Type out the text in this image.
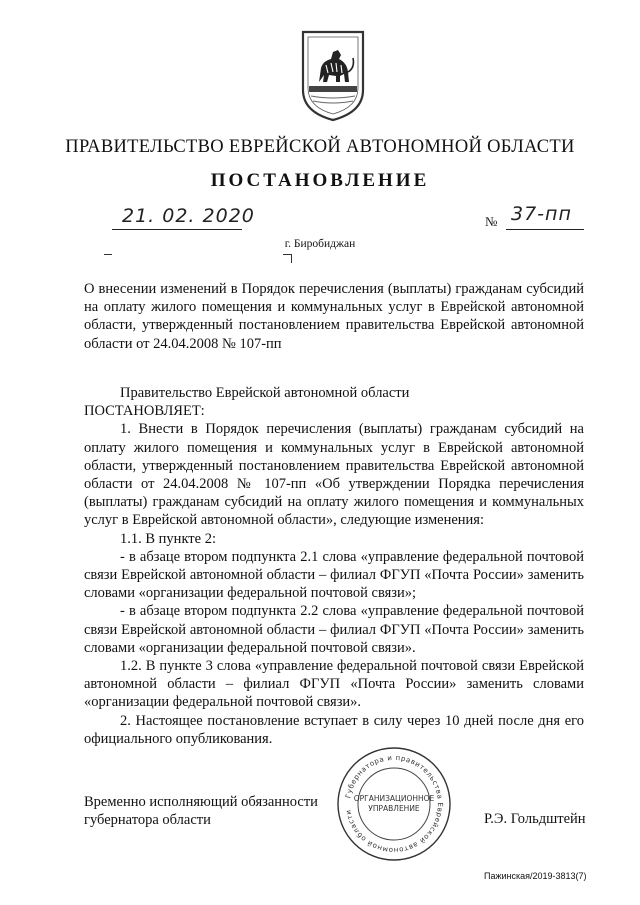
ПРАВИТЕЛЬСТВО ЕВРЕЙСКОЙ АВТОНОМНОЙ ОБЛАСТИ
ПОСТАНОВЛЕНИЕ
21. 02. 2020	№ 37-пп
г. Биробиджан

О внесении изменений в Порядок перечисления (выплаты) гражданам субсидий на оплату жилого помещения и коммунальных услуг в Еврейской автономной области, утвержденный постановлением правительства Еврейской автономной области от 24.04.2008 № 107-пп

Правительство Еврейской автономной области

ПОСТАНОВЛЯЕТ:

1. Внести в Порядок перечисления (выплаты) гражданам субсидий на оплату жилого помещения и коммунальных услуг в Еврейской автономной области, утвержденный постановлением правительства Еврейской автономной области от 24.04.2008 № 107-пп «Об утверждении Порядка перечисления (выплаты) гражданам субсидий на оплату жилого помещения и коммунальных услуг в Еврейской автономной области», следующие изменения:

1.1. В пункте 2:

- в абзаце втором подпункта 2.1 слова «управление федеральной почтовой связи Еврейской автономной области – филиал ФГУП «Почта России» заменить словами «организации федеральной почтовой связи»;

- в абзаце втором подпункта 2.2 слова «управление федеральной почтовой связи Еврейской автономной области – филиал ФГУП «Почта России» заменить словами «организации федеральной почтовой связи».

1.2. В пункте 3 слова «управление федеральной почтовой связи Еврейской автономной области – филиал ФГУП «Почта России» заменить словами «организации федеральной почтовой связи».

2. Настоящее постановление вступает в силу через 10 дней после дня его официального опубликования.

Временно исполняющий обязанности
губернатора области
Губернатора и правительства Еврейской автономной области
ОРГАНИЗАЦИОННОЕ
УПРАВЛЕНИЕ
Р.Э. Гольдштейн
Пажинская/2019-3813(7)
